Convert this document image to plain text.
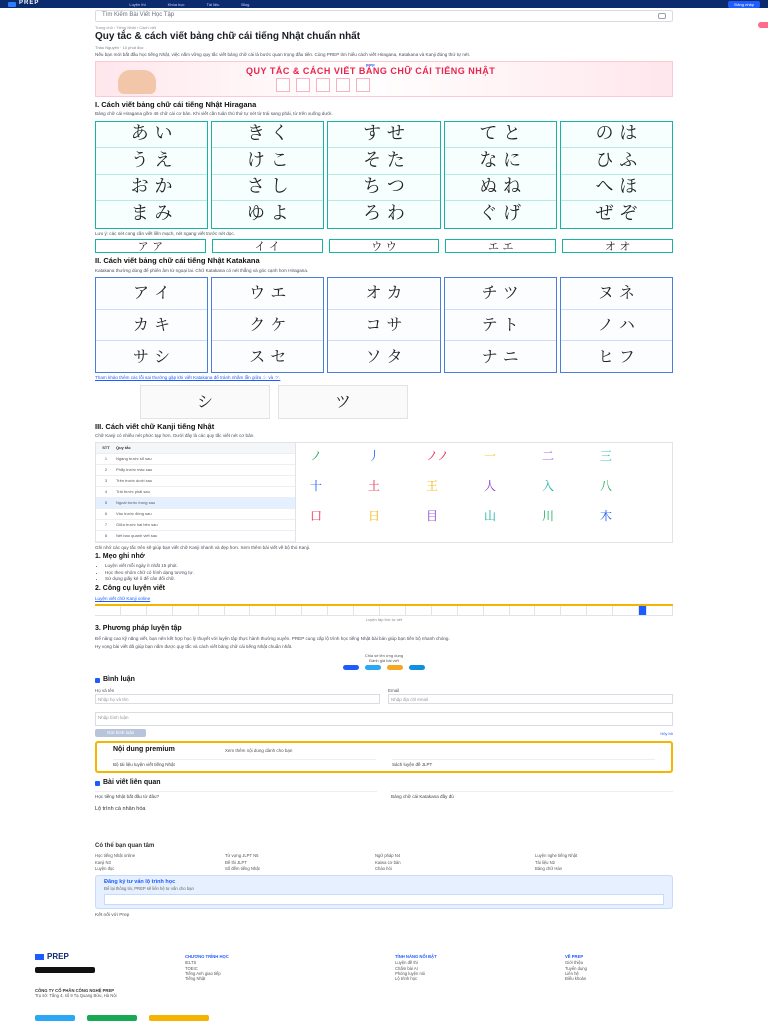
PREP	Luyện thi	Khóa học	Tài liệu	Blog	Đăng nhập
Tìm Kiếm Bài Viết Học Tập
Trang chủ › Tiếng Nhật › Cách viết
Quy tắc & cách viết bảng chữ cái tiếng Nhật chuẩn nhất
Thảo Nguyên · 10 phút đọc

Nếu bạn mới bắt đầu học tiếng Nhật, việc nắm vững quy tắc viết bảng chữ cái là bước quan trọng đầu tiên. Cùng PREP tìm hiểu cách viết Hiragana, Katakana và Kanji đúng thứ tự nét.

prep
QUY TẮC & CÁCH VIẾT BẢNG CHỮ CÁI TIẾNG NHẬT
I. Cách viết bảng chữ cái tiếng Nhật Hiragana

Bảng chữ cái Hiragana gồm 46 chữ cái cơ bản. Khi viết cần tuân thủ thứ tự nét từ trái sang phải, từ trên xuống dưới.

あ い
う え
お か
ま み
き く
け こ
さ し
ゆ よ
す せ
そ た
ち つ
ろ わ
て と
な に
ぬ ね
ぐ げ
の は
ひ ふ
へ ほ
ぜ ぞ

Lưu ý: các nét cong cần viết liền mạch, nét ngang viết trước nét dọc.

ア ア	イ イ	ウ ウ	エ エ	オ オ
II. Cách viết bảng chữ cái tiếng Nhật Katakana

Katakana thường dùng để phiên âm từ ngoại lai. Chữ Katakana có nét thẳng và góc cạnh hơn Hiragana.

ア イ
カ キ
サ シ
ウ エ
ク ケ
ス セ
オ カ
コ サ
ソ タ
チ ツ
テ ト
ナ ニ
ヌ ネ
ノ ハ
ヒ フ

Tham khảo thêm các lỗi sai thường gặp khi viết Katakana để tránh nhầm lẫn giữa シ và ツ.

シ	ツ
III. Cách viết chữ Kanji tiếng Nhật

Chữ Kanji có nhiều nét phức tạp hơn. Dưới đây là các quy tắc viết nét cơ bản.

STT	Quy tắc
1	Ngang trước sổ sau
2	Phẩy trước mác sau
3	Trên trước dưới sau
4	Trái trước phải sau
5	Ngoài trước trong sau
6	Vào trước đóng sau
7	Giữa trước hai bên sau
8	Nét bao quanh viết sau
ノ	丿	ノノ	一	二	三
十	土	王	人	入	八
口	日	目	山	川	木

Ghi nhớ các quy tắc trên sẽ giúp bạn viết chữ Kanji nhanh và đẹp hơn. Xem thêm bài viết về bộ thủ Kanji.

1. Mẹo ghi nhớ
• Luyện viết mỗi ngày ít nhất 15 phút.
• Học theo nhóm chữ có hình dạng tương tự.
• Sử dụng giấy kẻ ô để cân đối chữ.
2. Công cụ luyện viết
Luyện viết chữ Kanji online
Luyện tập thứ tự nét
3. Phương pháp luyện tập

Để nâng cao kỹ năng viết, bạn nên kết hợp học lý thuyết với luyện tập thực hành thường xuyên. PREP cung cấp lộ trình học tiếng Nhật bài bản giúp bạn tiến bộ nhanh chóng.

Hy vọng bài viết đã giúp bạn nắm được quy tắc và cách viết bảng chữ cái tiếng Nhật chuẩn nhất.

Chia sẻ lên ứng dụng
Đánh giá bài viết
Bình luận
Họ và tên
Nhập họ và tên
Email
Nhập địa chỉ email
Nhập bình luận
Gửi bình luận	Hủy bỏ
Nội dung premium	Xem thêm nội dung dành cho bạn
Bộ tài liệu luyện viết tiếng Nhật	Sách luyện đề JLPT
Bài viết liên quan
Học tiếng Nhật bắt đầu từ đâu?	Bảng chữ cái Katakana đầy đủ
Lộ trình cá nhân hóa
Có thể bạn quan tâm
Học tiếng Nhật online	Từ vựng JLPT N5	Ngữ pháp N4	Luyện nghe tiếng Nhật
Kanji N3	Đề thi JLPT	Kaiwa cơ bản	Tài liệu N2
Luyện đọc	Số đếm tiếng Nhật	Chào hỏi	Bảng chữ Hán
Đăng ký tư vấn lộ trình học
Để lại thông tin, PREP sẽ liên hệ tư vấn cho bạn
Kết nối với Prep
PREP	CHƯƠNG TRÌNH HỌC
IELTS
TOEIC
Tiếng Anh giao tiếp
Tiếng Nhật
TÍNH NĂNG NỔI BẬT
Luyện đề thi
Chấm bài AI
Phòng luyện nói
Lộ trình học
VỀ PREP
Giới thiệu
Tuyển dụng
Liên hệ
Điều khoản
CÔNG TY CỔ PHẦN CÔNG NGHỆ PREP
Trụ sở: Tầng 4, số 9 Tạ Quang Bửu, Hà Nội
